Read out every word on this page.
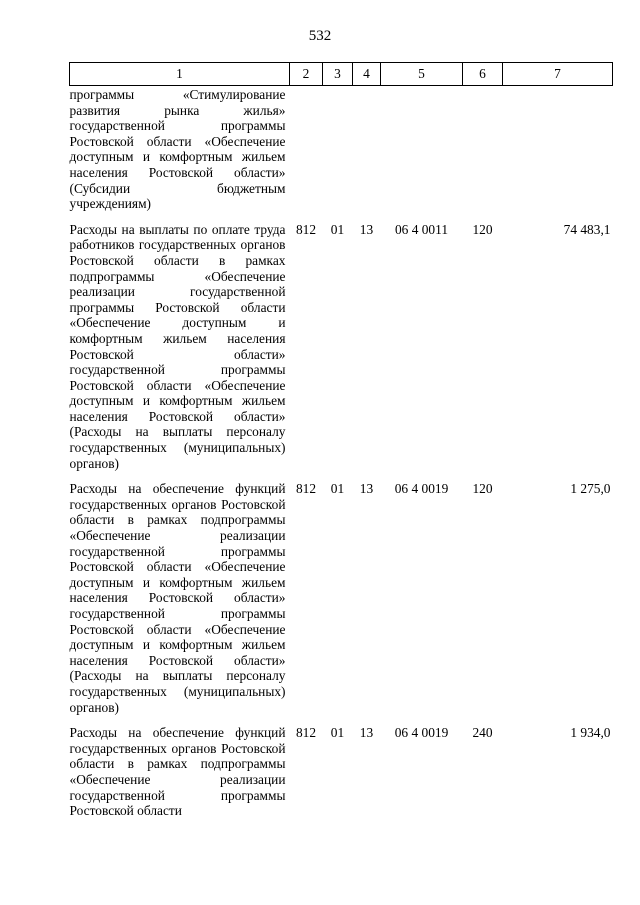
532
1	2	3	4	5	6	7
программы «Стимулирование развития рынка жилья» государственной программы Ростовской области «Обеспечение доступным и комфортным жильем населения Ростовской области» (Субсидии бюджетным учреждениям)						
Расходы на выплаты по оплате труда работников государственных органов Ростовской области в рамках подпрограммы «Обеспечение реализации государственной программы Ростовской области «Обеспечение доступным и комфортным жильем населения Ростовской области» государственной программы Ростовской области «Обеспечение доступным и комфортным жильем населения Ростовской области» (Расходы на выплаты персоналу государственных (муниципальных) органов)	812	01	13	06 4 0011	120	74 483,1
Расходы на обеспечение функций государственных органов Ростовской области в рамках подпрограммы «Обеспечение реализации государственной программы Ростовской области «Обеспечение доступным и комфортным жильем населения Ростовской области» государственной программы Ростовской области «Обеспечение доступным и комфортным жильем населения Ростовской области» (Расходы на выплаты персоналу государственных (муниципальных) органов)	812	01	13	06 4 0019	120	1 275,0
Расходы на обеспечение функций государственных органов Ростовской области в рамках подпрограммы «Обеспечение реализации государственной программы Ростовской области	812	01	13	06 4 0019	240	1 934,0
